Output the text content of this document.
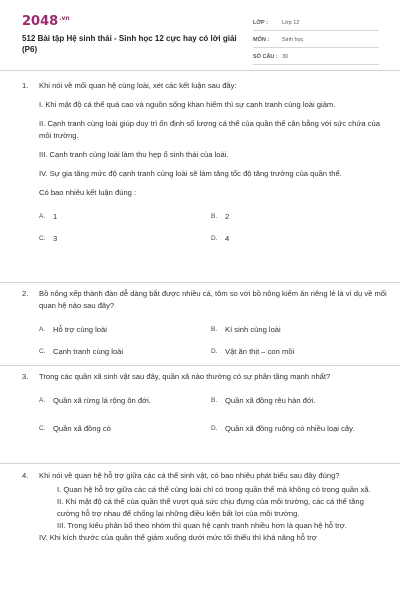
$2048^{.vn}$
512 Bài tập Hệ sinh thái - Sinh học 12 cực hay có lời giải (P6)
LỚP :	Lớp 12
MÔN :	Sinh học
SỐ CÂU : 30
1. Khi nói về mối quan hệ cùng loài, xét các kết luận sau đây:

I. Khi mật độ cá thể quá cao và nguồn sống khan hiếm thì sự cạnh tranh cùng loài giảm.

II. Cạnh tranh cùng loài giúp duy trì ổn định số lượng cá thể của quần thể cân bằng với sức chứa của môi trường.

III. Cạnh tranh cùng loài làm thu hẹp ổ sinh thái của loài.

IV. Sự gia tăng mức độ cạnh tranh cùng loài sẽ làm tăng tốc độ tăng trưởng của quần thể.

Có bao nhiêu kết luận đúng :

A.	1	B.	2
C. 3	D. 4
2. Bồ nông xếp thành đàn dễ dàng bắt được nhiều cá, tôm so với bồ nông kiếm ăn riêng lẻ là ví dụ về mối quan hệ nào sau đây?

A.	Hỗ trợ cùng loài	B.	Kí sinh cùng loài
C. Cạnh tranh cùng loài	D. Vật ăn thịt – con mồi
3. Trong các quần xã sinh vật sau đây, quần xã nào thường có sự phân tầng mạnh nhất?

A.	Quần xã rừng lá rộng ôn đới.	B.	Quần xã đồng rêu hàn đới.
C. Quần xã đồng cỏ	D. Quần xã đồng ruộng có nhiều loại cây.
4. Khi nói về quan hệ hỗ trợ giữa các cá thể sinh vật, có bao nhiêu phát biểu sau đây đúng?

I. Quan hệ hỗ trợ giữa các cá thể cùng loài chỉ có trong quần thể mà không có trong quần xã.

II. Khi mật độ cá thể của quần thể vượt quá sức chịu đựng của môi trường, các cá thể tăng cường hỗ trợ nhau để chống lại những điều kiện bất lợi của môi trường.

III. Trong kiểu phân bố theo nhóm thì quan hệ cạnh tranh nhiều hơn là quan hệ hỗ trợ.

IV. Khi kích thước của quần thể giảm xuống dưới mức tối thiểu thì khả năng hỗ trợ
